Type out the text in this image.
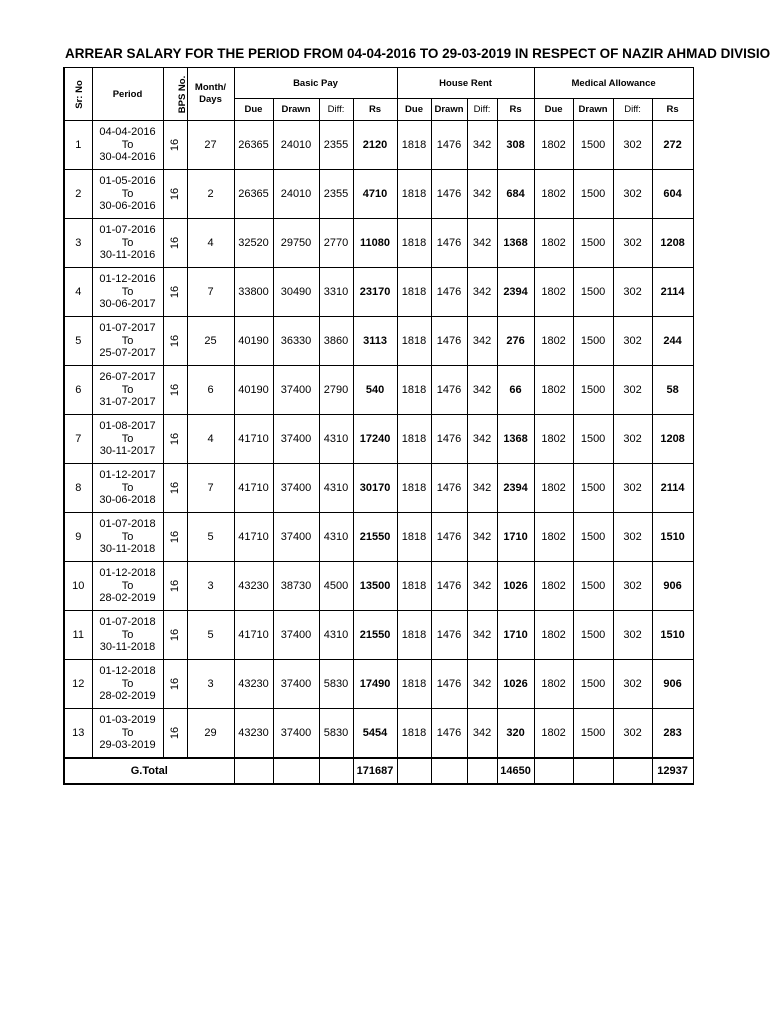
ARREAR SALARY FOR THE PERIOD FROM 04-04-2016 TO 29-03-2019 IN RESPECT OF NAZIR AHMAD DIVISIO
Sr: No	Period	BPS No.	Month/ Days	Basic Pay				House Rent				Medical Allowance			
				Due	Drawn	Diff:	Rs	Due	Drawn	Diff:	Rs	Due	Drawn	Diff:	Rs
1	04-04-2016
To
30-04-2016	16	27	26365	24010	2355	2120	1818	1476	342	308	1802	1500	302	272
2	01-05-2016
To
30-06-2016	16	2	26365	24010	2355	4710	1818	1476	342	684	1802	1500	302	604
3	01-07-2016
To
30-11-2016	16	4	32520	29750	2770	11080	1818	1476	342	1368	1802	1500	302	1208
4	01-12-2016
To
30-06-2017	16	7	33800	30490	3310	23170	1818	1476	342	2394	1802	1500	302	2114
5	01-07-2017
To
25-07-2017	16	25	40190	36330	3860	3113	1818	1476	342	276	1802	1500	302	244
6	26-07-2017
To
31-07-2017	16	6	40190	37400	2790	540	1818	1476	342	66	1802	1500	302	58
7	01-08-2017
To
30-11-2017	16	4	41710	37400	4310	17240	1818	1476	342	1368	1802	1500	302	1208
8	01-12-2017
To
30-06-2018	16	7	41710	37400	4310	30170	1818	1476	342	2394	1802	1500	302	2114
9	01-07-2018
To
30-11-2018	16	5	41710	37400	4310	21550	1818	1476	342	1710	1802	1500	302	1510
10	01-12-2018
To
28-02-2019	16	3	43230	38730	4500	13500	1818	1476	342	1026	1802	1500	302	906
11	01-07-2018
To
30-11-2018	16	5	41710	37400	4310	21550	1818	1476	342	1710	1802	1500	302	1510
12	01-12-2018
To
28-02-2019	16	3	43230	37400	5830	17490	1818	1476	342	1026	1802	1500	302	906
13	01-03-2019
To
29-03-2019	16	29	43230	37400	5830	5454	1818	1476	342	320	1802	1500	302	283
G.Total							171687				14650				12937
